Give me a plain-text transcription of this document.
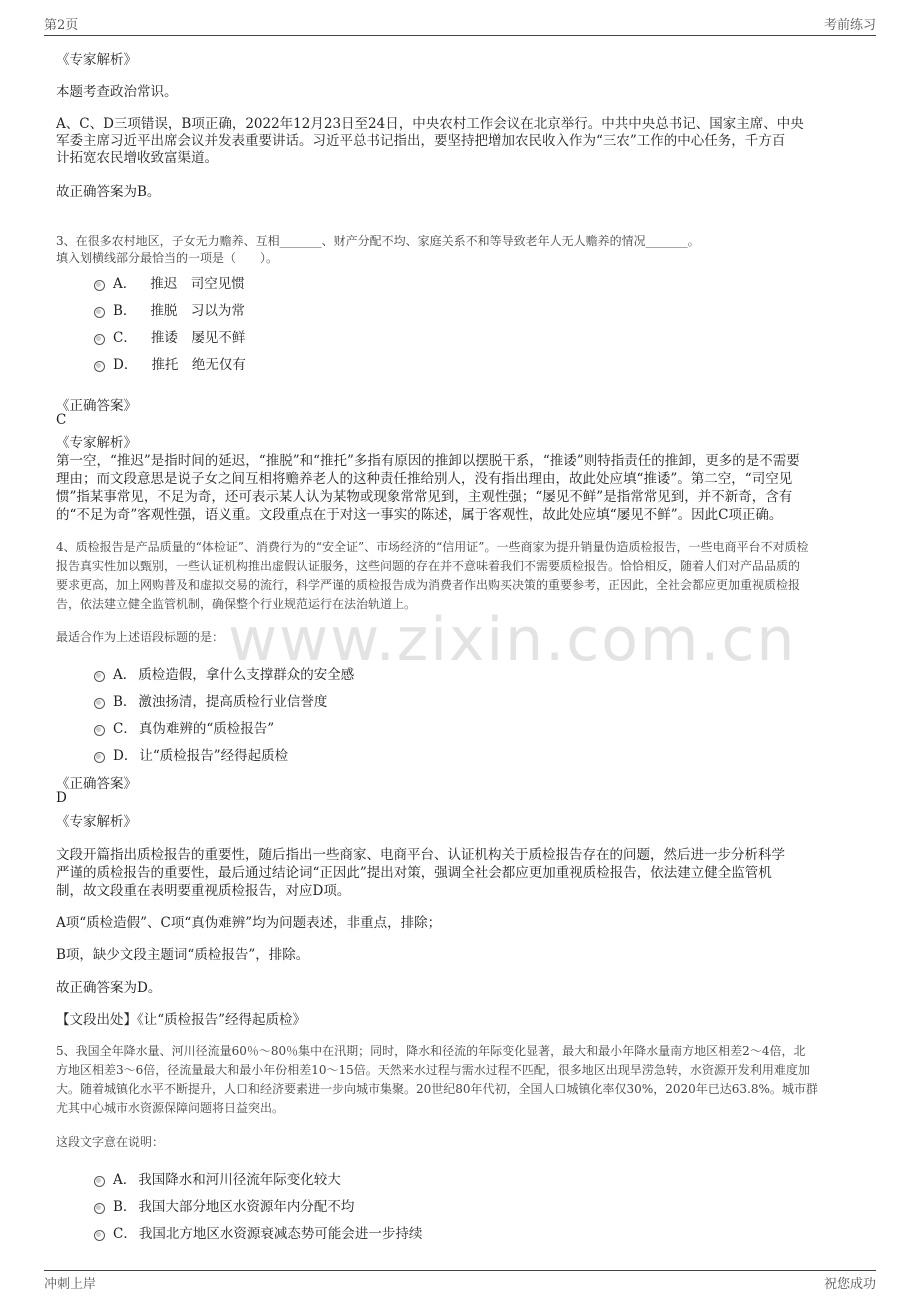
第2页	考前练习
www.zixin.com.cn
《专家解析》
本题考查政治常识。
A、C、D三项错误，B项正确，2022年12月23日至24日，中央农村工作会议在北京举行。中共中央总书记、国家主席、中央
军委主席习近平出席会议并发表重要讲话。习近平总书记指出，要坚持把增加农民收入作为“三农”工作的中心任务，千方百
计拓宽农民增收致富渠道。
故正确答案为B。
3、在很多农村地区，子女无力赡养、互相_______、财产分配不均、家庭关系不和等导致老年人无人赡养的情况_______。
填入划横线部分最恰当的一项是（　　）。
A． 推迟　司空见惯
B． 推脱　习以为常
C． 推诿　屡见不鲜
D． 推托　绝无仅有
《正确答案》
C
《专家解析》
第一空，“推迟”是指时间的延迟，“推脱”和“推托”多指有原因的推卸以摆脱干系，“推诿”则特指责任的推卸，更多的是不需要
理由；而文段意思是说子女之间互相将赡养老人的这种责任推给别人，没有指出理由，故此处应填“推诿”。第二空，“司空见
惯”指某事常见，不足为奇，还可表示某人认为某物或现象常常见到，主观性强；“屡见不鲜”是指常常见到，并不新奇，含有
的“不足为奇”客观性强，语义重。文段重点在于对这一事实的陈述，属于客观性，故此处应填“屡见不鲜”。因此C项正确。
4、质检报告是产品质量的“体检证”、消费行为的“安全证”、市场经济的“信用证”。一些商家为提升销量伪造质检报告，一些电商平台不对质检
报告真实性加以甄别，一些认证机构推出虚假认证服务，这些问题的存在并不意味着我们不需要质检报告。恰恰相反，随着人们对产品品质的
要求更高，加上网购普及和虚拟交易的流行，科学严谨的质检报告成为消费者作出购买决策的重要参考，正因此，全社会都应更加重视质检报
告，依法建立健全监管机制，确保整个行业规范运行在法治轨道上。
最适合作为上述语段标题的是：
A． 质检造假，拿什么支撑群众的安全感
B． 激浊扬清，提高质检行业信誉度
C． 真伪难辨的“质检报告”
D． 让“质检报告”经得起质检
《正确答案》
D
《专家解析》
文段开篇指出质检报告的重要性，随后指出一些商家、电商平台、认证机构关于质检报告存在的问题，然后进一步分析科学
严谨的质检报告的重要性，最后通过结论词“正因此”提出对策，强调全社会都应更加重视质检报告，依法建立健全监管机
制，故文段重在表明要重视质检报告，对应D项。
A项“质检造假”、C项“真伪难辨”均为问题表述，非重点，排除；
B项，缺少文段主题词“质检报告”，排除。
故正确答案为D。
【文段出处】《让“质检报告”经得起质检》
5、我国全年降水量、河川径流量60％～80％集中在汛期；同时，降水和径流的年际变化显著，最大和最小年降水量南方地区相差2～4倍，北
方地区相差3～6倍，径流量最大和最小年份相差10～15倍。天然来水过程与需水过程不匹配，很多地区出现旱涝急转，水资源开发利用难度加
大。随着城镇化水平不断提升，人口和经济要素进一步向城市集聚。20世纪80年代初，全国人口城镇化率仅30%，2020年已达63.8%。城市群
尤其中心城市水资源保障问题将日益突出。
这段文字意在说明：
A． 我国降水和河川径流年际变化较大
B． 我国大部分地区水资源年内分配不均
C． 我国北方地区水资源衰减态势可能会进一步持续
冲刺上岸	祝您成功
